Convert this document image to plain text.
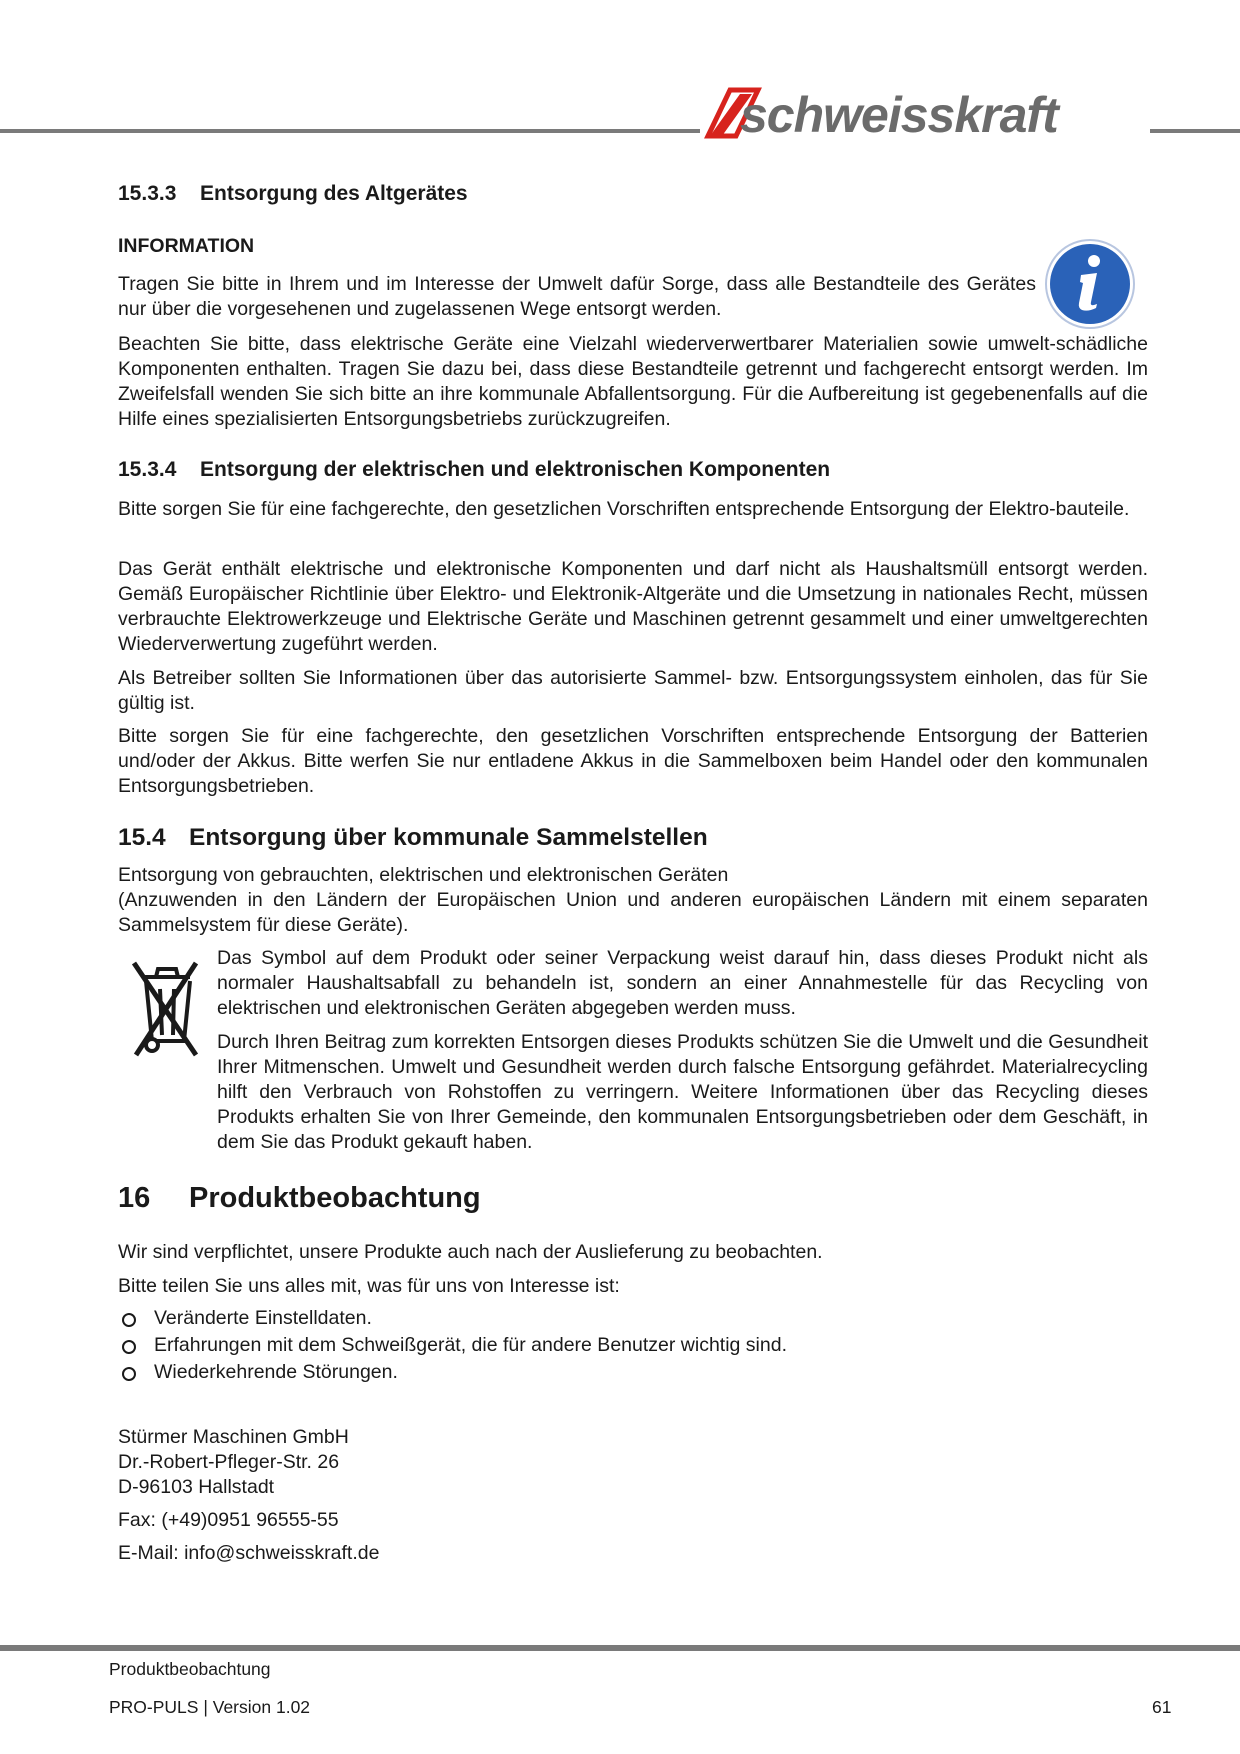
schweisskraft

15.3.3 Entsorgung des Altgerätes

INFORMATION

Tragen Sie bitte in Ihrem und im Interesse der Umwelt dafür Sorge, dass alle Bestandteile des Gerätes nur über die vorgesehenen und zugelassenen Wege entsorgt werden.

Beachten Sie bitte, dass elektrische Geräte eine Vielzahl wiederverwertbarer Materialien sowie umwelt-schädliche Komponenten enthalten. Tragen Sie dazu bei, dass diese Bestandteile getrennt und fachgerecht entsorgt werden. Im Zweifelsfall wenden Sie sich bitte an ihre kommunale Abfallentsorgung. Für die Aufbereitung ist gegebenenfalls auf die Hilfe eines spezialisierten Entsorgungsbetriebs zurückzugreifen.

15.3.4 Entsorgung der elektrischen und elektronischen Komponenten

Bitte sorgen Sie für eine fachgerechte, den gesetzlichen Vorschriften entsprechende Entsorgung der Elektro-bauteile.

Das Gerät enthält elektrische und elektronische Komponenten und darf nicht als Haushaltsmüll entsorgt werden. Gemäß Europäischer Richtlinie über Elektro- und Elektronik-Altgeräte und die Umsetzung in nationales Recht, müssen verbrauchte Elektrowerkzeuge und Elektrische Geräte und Maschinen getrennt gesammelt und einer umweltgerechten Wiederverwertung zugeführt werden.

Als Betreiber sollten Sie Informationen über das autorisierte Sammel- bzw. Entsorgungssystem einholen, das für Sie gültig ist.

Bitte sorgen Sie für eine fachgerechte, den gesetzlichen Vorschriften entsprechende Entsorgung der Batterien und/oder der Akkus. Bitte werfen Sie nur entladene Akkus in die Sammelboxen beim Handel oder den kommunalen Entsorgungsbetrieben.

15.4 Entsorgung über kommunale Sammelstellen

Entsorgung von gebrauchten, elektrischen und elektronischen Geräten

(Anzuwenden in den Ländern der Europäischen Union und anderen europäischen Ländern mit einem separaten Sammelsystem für diese Geräte).

Das Symbol auf dem Produkt oder seiner Verpackung weist darauf hin, dass dieses Produkt nicht als normaler Haushaltsabfall zu behandeln ist, sondern an einer Annahmestelle für das Recycling von elektrischen und elektronischen Geräten abgegeben werden muss.

Durch Ihren Beitrag zum korrekten Entsorgen dieses Produkts schützen Sie die Umwelt und die Gesundheit Ihrer Mitmenschen. Umwelt und Gesundheit werden durch falsche Entsorgung gefährdet. Materialrecycling hilft den Verbrauch von Rohstoffen zu verringern. Weitere Informationen über das Recycling dieses Produkts erhalten Sie von Ihrer Gemeinde, den kommunalen Entsorgungsbetrieben oder dem Geschäft, in dem Sie das Produkt gekauft haben.

16 Produktbeobachtung

Wir sind verpflichtet, unsere Produkte auch nach der Auslieferung zu beobachten.

Bitte teilen Sie uns alles mit, was für uns von Interesse ist:

Veränderte Einstelldaten.
Erfahrungen mit dem Schweißgerät, die für andere Benutzer wichtig sind.
Wiederkehrende Störungen.

Stürmer Maschinen GmbH

Dr.-Robert-Pfleger-Str. 26

D-96103 Hallstadt

Fax: (+49)0951 96555-55

E-Mail: info@schweisskraft.de

Produktbeobachtung
PRO-PULS | Version 1.02	61
